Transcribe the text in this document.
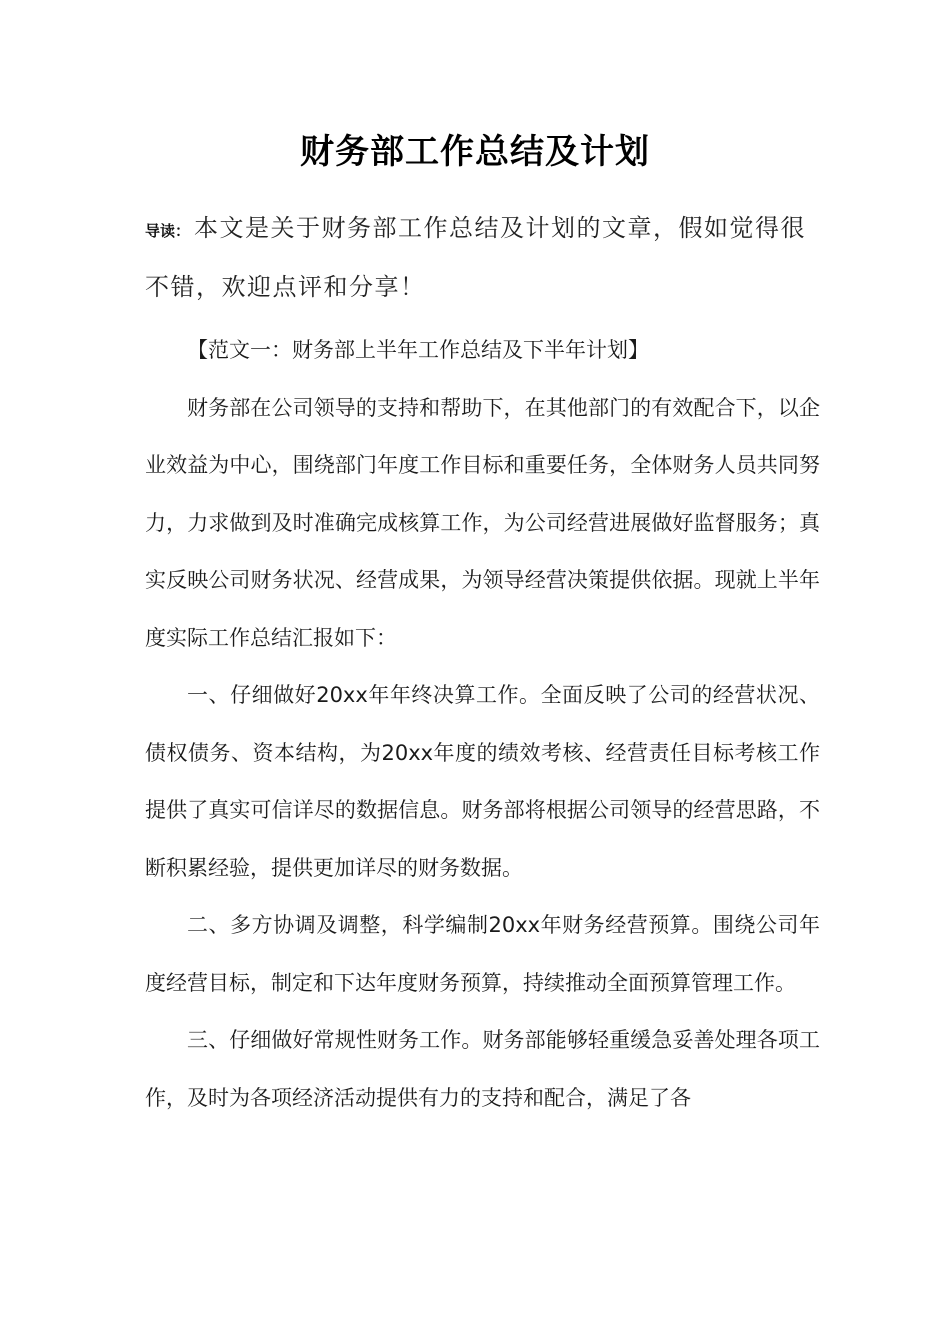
财务部工作总结及计划
导读： 本文是关于财务部工作总结及计划的文章，假如觉得很不错，欢迎点评和分享！

【范文一：财务部上半年工作总结及下半年计划】

财务部在公司领导的支持和帮助下，在其他部门的有效配合下，以企业效益为中心，围绕部门年度工作目标和重要任务，全体财务人员共同努力，力求做到及时准确完成核算工作，为公司经营进展做好监督服务；真实反映公司财务状况、经营成果，为领导经营决策提供依据。现就上半年度实际工作总结汇报如下：

一、仔细做好20xx年年终决算工作。全面反映了公司的经营状况、债权债务、资本结构，为20xx年度的绩效考核、经营责任目标考核工作提供了真实可信详尽的数据信息。财务部将根据公司领导的经营思路，不断积累经验，提供更加详尽的财务数据。

二、多方协调及调整，科学编制20xx年财务经营预算。围绕公司年度经营目标，制定和下达年度财务预算，持续推动全面预算管理工作。

三、仔细做好常规性财务工作。财务部能够轻重缓急妥善处理各项工作，及时为各项经济活动提供有力的支持和配合，满足了各
